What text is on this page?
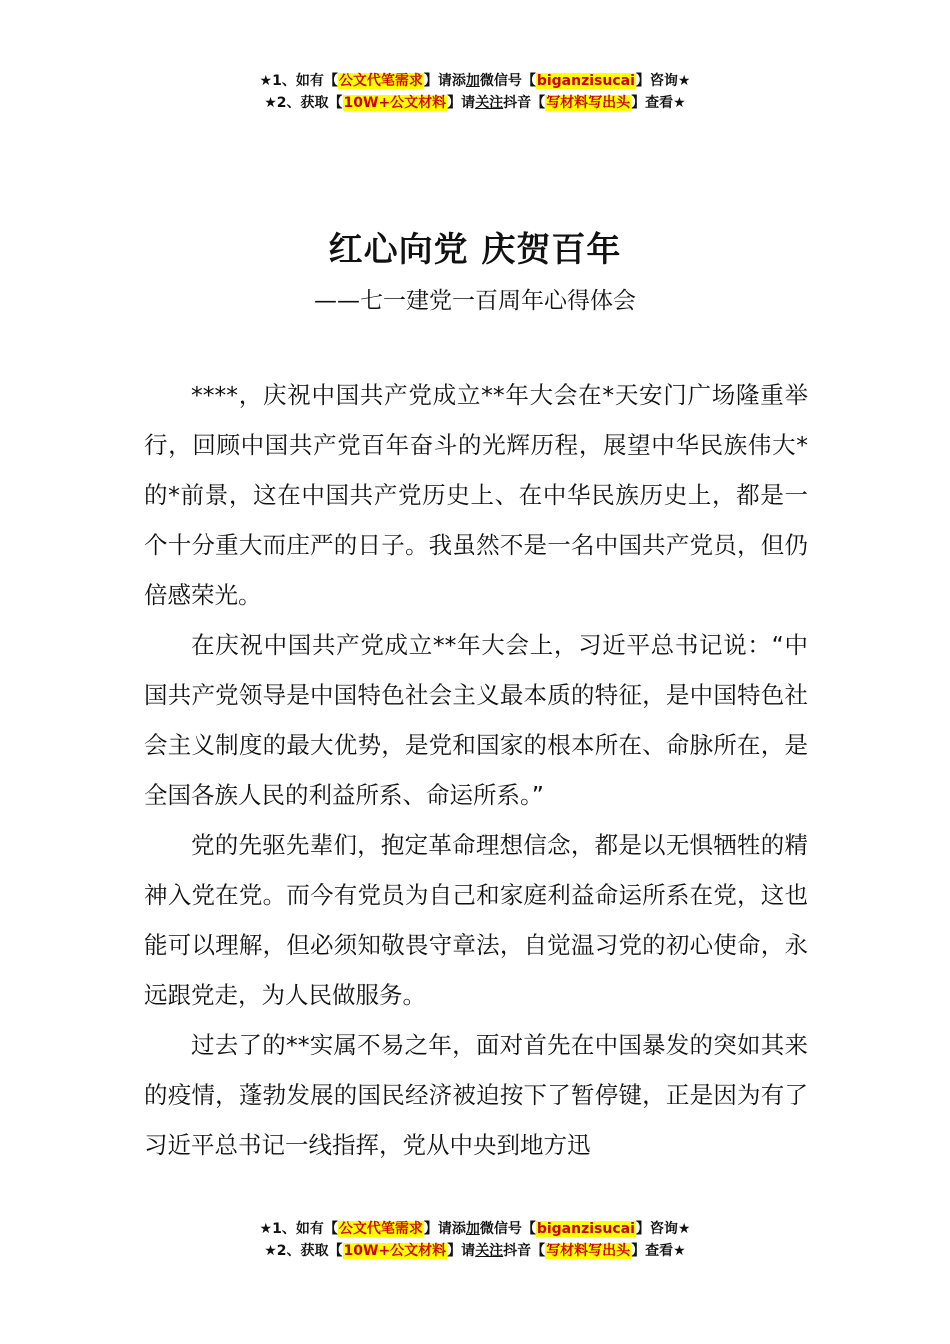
★1、如有【公文代笔需求】请添加微信号【biganzisucai】咨询★
★2、获取【10W+公文材料】请关注抖音【写材料写出头】查看★
红心向党 庆贺百年
——七一建党一百周年心得体会

****，庆祝中国共产党成立**年大会在*天安门广场隆重举行，回顾中国共产党百年奋斗的光辉历程，展望中华民族伟大*的*前景，这在中国共产党历史上、在中华民族历史上，都是一个十分重大而庄严的日子。我虽然不是一名中国共产党员，但仍倍感荣光。

在庆祝中国共产党成立**年大会上，习近平总书记说：“中国共产党领导是中国特色社会主义最本质的特征，是中国特色社会主义制度的最大优势，是党和国家的根本所在、命脉所在，是全国各族人民的利益所系、命运所系。”

党的先驱先辈们，抱定革命理想信念，都是以无惧牺牲的精神入党在党。而今有党员为自己和家庭利益命运所系在党，这也能可以理解，但必须知敬畏守章法，自觉温习党的初心使命，永远跟党走，为人民做服务。

过去了的**实属不易之年，面对首先在中国暴发的突如其来的疫情，蓬勃发展的国民经济被迫按下了暂停键，正是因为有了习近平总书记一线指挥，党从中央到地方迅

★1、如有【公文代笔需求】请添加微信号【biganzisucai】咨询★
★2、获取【10W+公文材料】请关注抖音【写材料写出头】查看★
